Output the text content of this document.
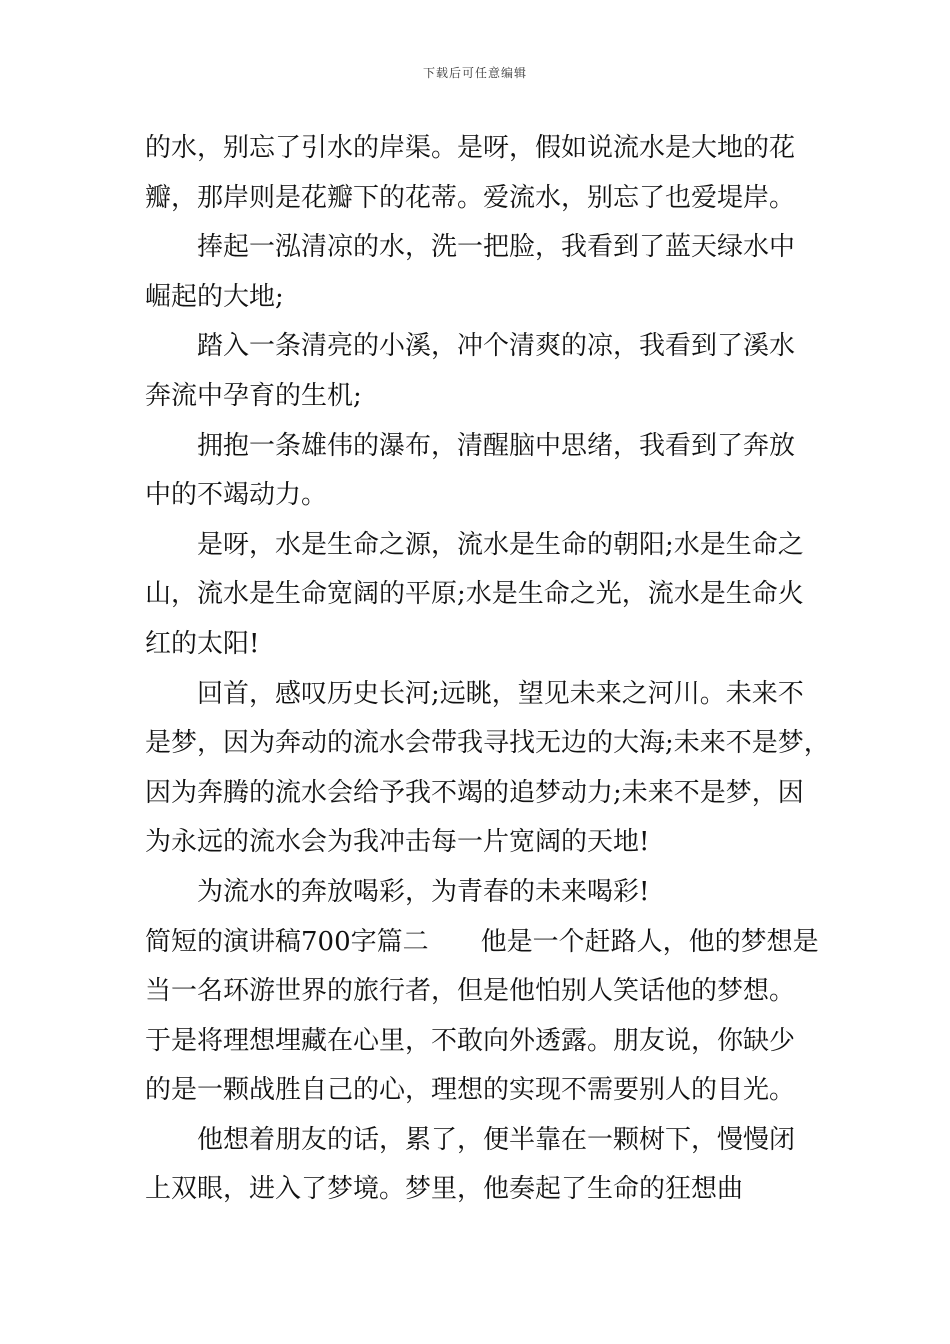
下载后可任意编辑
的水，别忘了引水的岸渠。是呀，假如说流水是大地的花
瓣，那岸则是花瓣下的花蒂。爱流水，别忘了也爱堤岸。
捧起一泓清凉的水，洗一把脸，我看到了蓝天绿水中
崛起的大地;
踏入一条清亮的小溪，冲个清爽的凉，我看到了溪水
奔流中孕育的生机;
拥抱一条雄伟的瀑布，清醒脑中思绪，我看到了奔放
中的不竭动力。
是呀，水是生命之源，流水是生命的朝阳;水是生命之
山，流水是生命宽阔的平原;水是生命之光，流水是生命火
红的太阳!
回首，感叹历史长河;远眺，望见未来之河川。未来不
是梦，因为奔动的流水会带我寻找无边的大海;未来不是梦，
因为奔腾的流水会给予我不竭的追梦动力;未来不是梦，因
为永远的流水会为我冲击每一片宽阔的天地!
为流水的奔放喝彩，为青春的未来喝彩!
简短的演讲稿700字篇二　　他是一个赶路人，他的梦想是
当一名环游世界的旅行者，但是他怕别人笑话他的梦想。
于是将理想埋藏在心里，不敢向外透露。朋友说，你缺少
的是一颗战胜自己的心，理想的实现不需要别人的目光。
他想着朋友的话，累了，便半靠在一颗树下，慢慢闭
上双眼，进入了梦境。梦里，他奏起了生命的狂想曲
